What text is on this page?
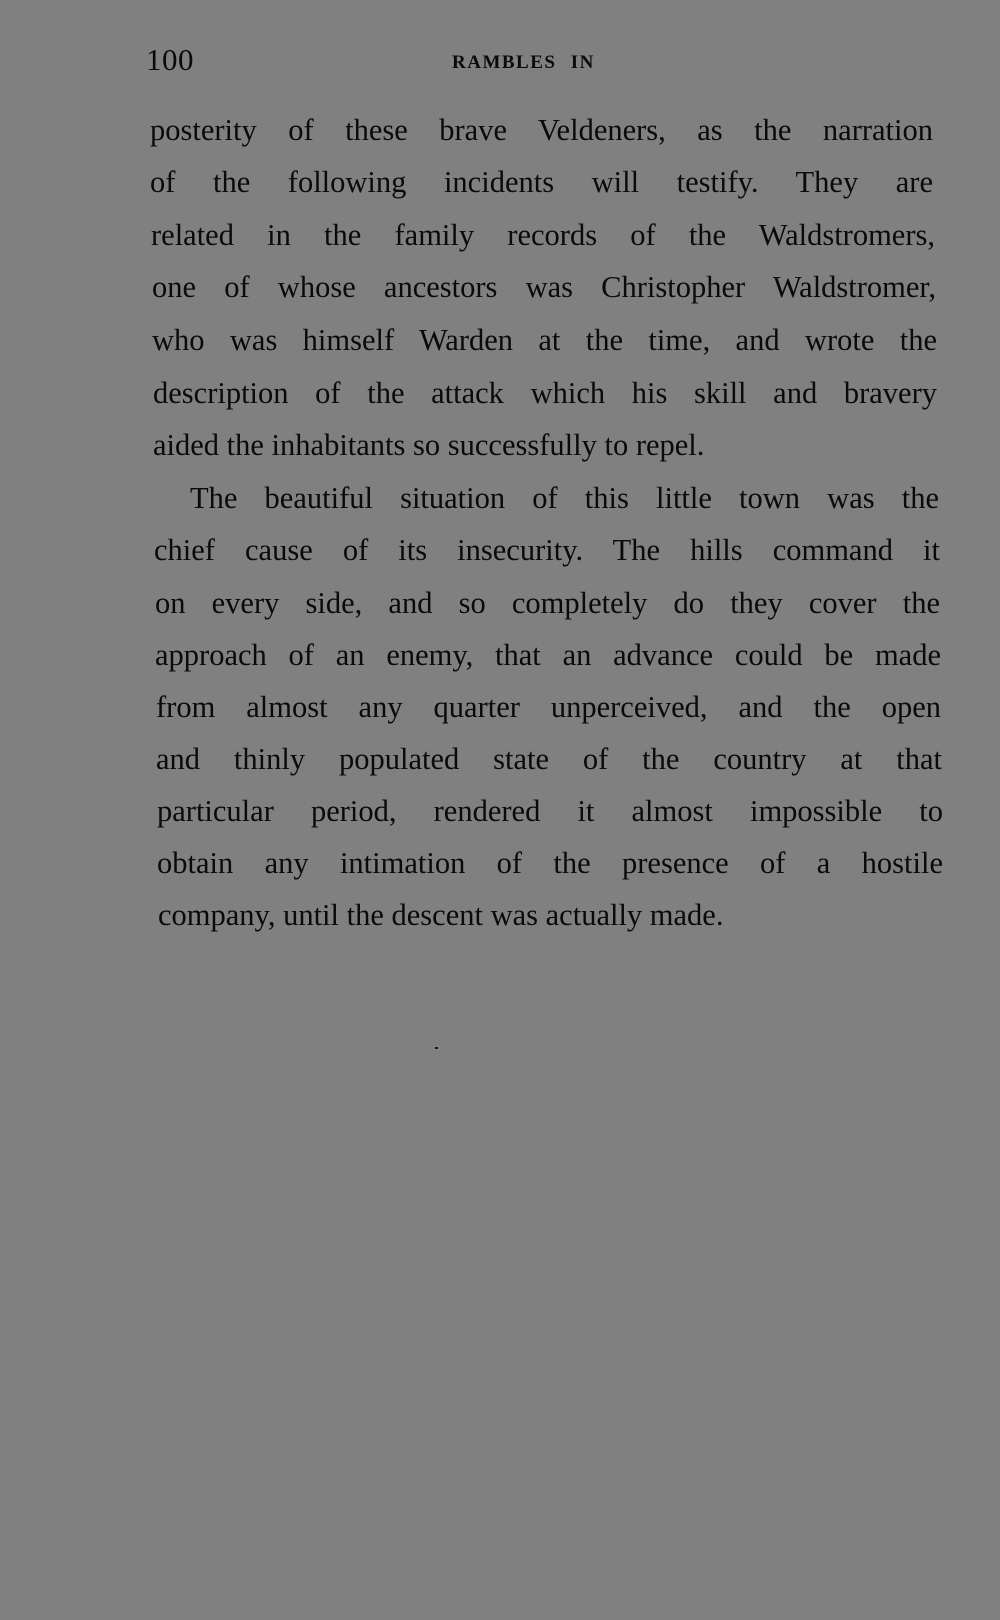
100	RAMBLES IN
posterity of these brave Veldeners, as the narration
of the following incidents will testify. They are
related in the family records of the Waldstromers,
one of whose ancestors was Christopher Waldstromer,
who was himself Warden at the time, and wrote the
description of the attack which his skill and bravery
aided the inhabitants so successfully to repel.
The beautiful situation of this little town was the
chief cause of its insecurity. The hills command it
on every side, and so completely do they cover the
approach of an enemy, that an advance could be made
from almost any quarter unperceived, and the open
and thinly populated state of the country at that
particular period, rendered it almost impossible to
obtain any intimation of the presence of a hostile
company, until the descent was actually made.
